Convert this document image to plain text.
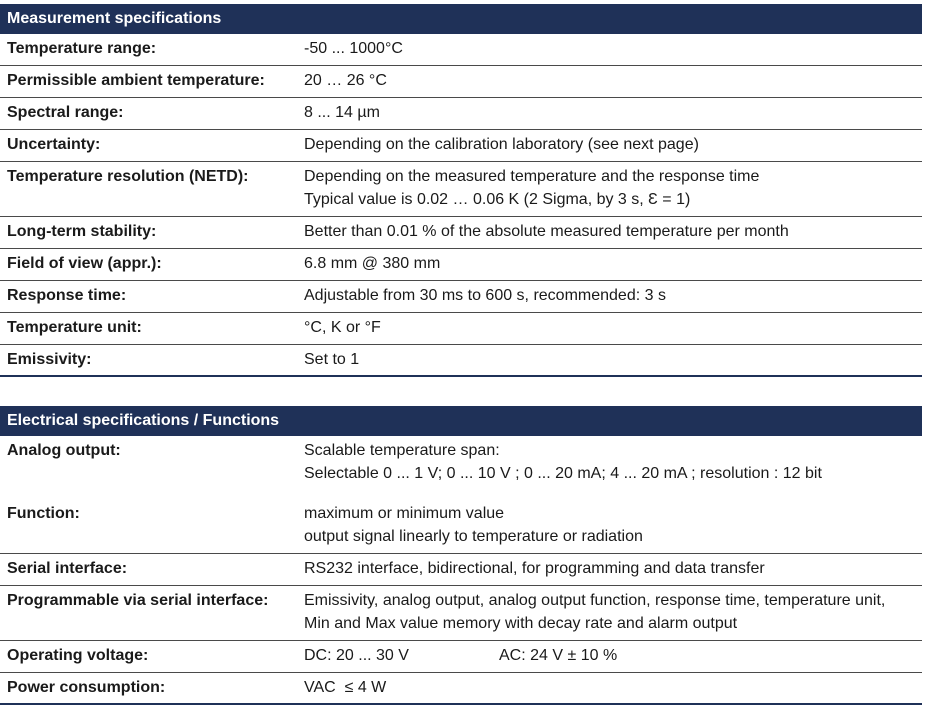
Measurement specifications
Temperature range:	-50 ... 1000°C
Permissible ambient temperature:	20 … 26 °C
Spectral range:	8 ... 14 µm
Uncertainty:	Depending on the calibration laboratory (see next page)
Temperature resolution (NETD):	Depending on the measured temperature and the response time
Typical value is 0.02 … 0.06 K (2 Sigma, by 3 s, Ɛ = 1)
Long-term stability:	Better than 0.01 % of the absolute measured temperature per month
Field of view (appr.):	6.8 mm @ 380 mm
Response time:	Adjustable from 30 ms to 600 s, recommended: 3 s
Temperature unit:	°C, K or °F
Emissivity:	Set to 1
Electrical specifications / Functions
Analog output:	Scalable temperature span:
Selectable 0 ... 1 V; 0 ... 10 V ; 0 ... 20 mA; 4 ... 20 mA ; resolution : 12 bit
Function:	maximum or minimum value
output signal linearly to temperature or radiation
Serial interface:	RS232 interface, bidirectional, for programming and data transfer
Programmable via serial interface:	Emissivity, analog output, analog output function, response time, temperature unit, Min and Max value memory with decay rate and alarm output
Operating voltage:	DC: 20 ... 30 V	AC: 24 V ± 10 %
Power consumption:	VAC  ≤ 4 W
